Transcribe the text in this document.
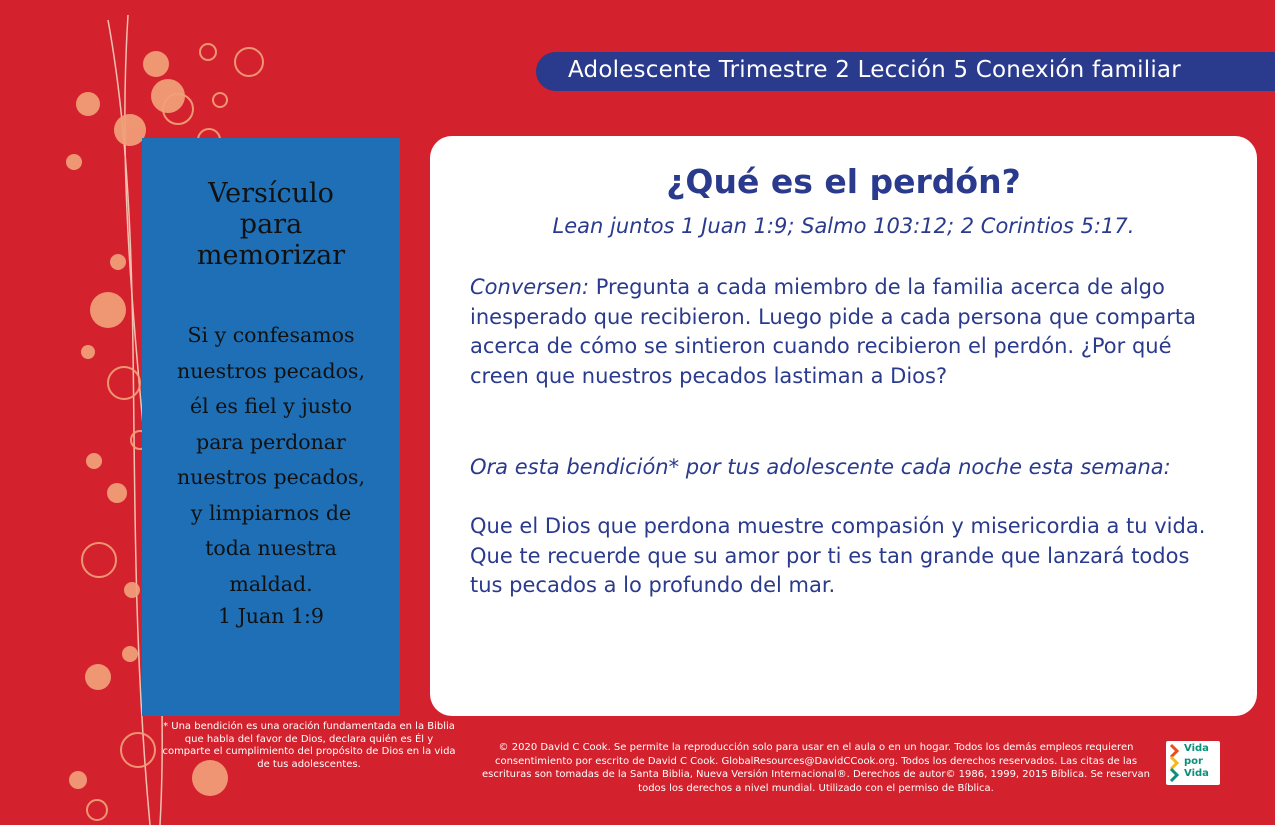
Adolescente Trimestre 2 Lección 5 Conexión familiar
Versículo
para
memorizar
Si y confesamos
nuestros pecados,
él es fiel y justo
para perdonar
nuestros pecados,
y limpiarnos de
toda nuestra
maldad.
1 Juan 1:9
¿Qué es el perdón?
Lean juntos 1 Juan 1:9; Salmo 103:12; 2 Corintios 5:17.
Conversen: Pregunta a cada miembro de la familia acerca de algo inesperado que recibieron. Luego pide a cada persona que comparta acerca de cómo se sintieron cuando recibieron el perdón. ¿Por qué creen que nuestros pecados lastiman a Dios?
Ora esta bendición* por tus adolescente cada noche esta semana:
Que el Dios que perdona muestre compasión y misericordia a tu vida. Que te recuerde que su amor por ti es tan grande que lanzará todos tus pecados a lo profundo del mar.
* Una bendición es una oración fundamentada en la Biblia que habla del favor de Dios, declara quién es Él y comparte el cumplimiento del propósito de Dios en la vida de tus adolescentes.
© 2020 David C Cook. Se permite la reproducción solo para usar en el aula o en un hogar. Todos los demás empleos requieren consentimiento por escrito de David C Cook. GlobalResources@DavidCCook.org. Todos los derechos reservados. Las citas de las escrituras son tomadas de la Santa Biblia, Nueva Versión Internacional®. Derechos de autor© 1986, 1999, 2015 Bíblica. Se reservan todos los derechos a nivel mundial. Utilizado con el permiso de Bíblica.
Vida
por
Vida
